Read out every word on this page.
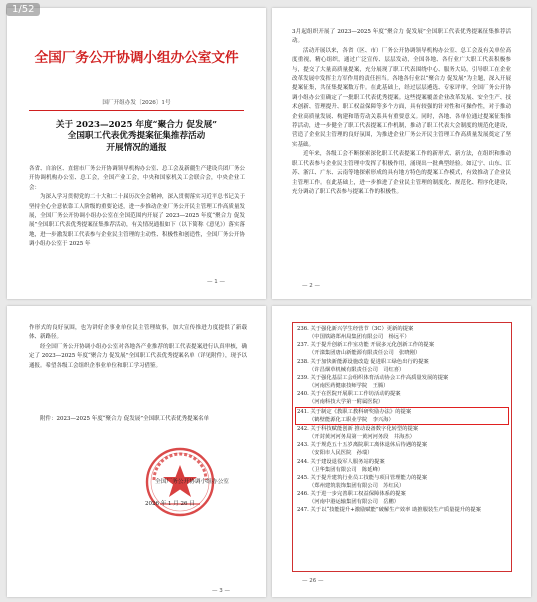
1/52
全国厂务公开协调小组办公室文件
国厂开组办发〔2026〕1号
关于 2023—2025 年度“聚合力 促发展”
全国职工代表优秀提案征集推荐活动
开展情况的通报

各省、自治区、直辖市厂务公开协调领导机构办公室、总工会及新疆生产建设兵团厂务公开协调机构办公室、总工会，全国产业工会，中央和国家机关工会联合会，中央企业工会：

为深入学习贯彻党的二十大和二十届历次全会精神，深入贯彻落实习近平总书记关于坚持全心全意依靠工人阶级的重要论述，进一步推动企业厂务公开民主管理工作高质量发展，全国厂务公开协调小组办公室在全国范围内开展了 2023—2025 年度“聚合力 促发展”全国职工代表优秀提案征集推荐活动，有关情况通报如下（以下简称《意见》）落实落地，进一步激发职工代表参与企业民主管理的主动性、积极性和创造性，全国厂务公开协调小组办公室于 2025 年

— 1 —

3月起组织开展了 2023—2025 年度“聚合力 促发展”全国职工代表优秀提案征集推荐活动。

活动开展以来，各省（区、市）厂务公开协调领导机构办公室、总工会及有关单位高度重视，精心组织，通过广泛宣传、层层发动，全国各地、各行业广大职工代表积极参与，提交了大量高质量提案，充分展现了职工代表围绕中心、服务大局，引导职工在企业改革发展中发挥主力军作用的责任担当。各地各行业以“聚合力 促发展”为主题，深入开展提案征集，共征集提案数万件。在此基础上，经过层层遴选、专家评审，全国厂务公开协调小组办公室确定了一批职工代表优秀提案。这些提案覆盖企业改革发展、安全生产、技术创新、管理提升、职工权益保障等多个方面，具有较强的针对性和可操作性，对于推动企业高质量发展、构建和谐劳动关系具有重要意义。同时，各地、各单位通过提案征集推荐活动，进一步健全了职工代表提案工作机制，推动了职工代表大会制度的规范化建设，营造了企业民主管理的良好氛围，为推进企业厂务公开民主管理工作高质量发展奠定了坚实基础。

近年来，各级工会不断探索深化职工代表提案工作的新形式、新方法，在组织和推动职工代表参与企业民主管理中发挥了积极作用，涌现出一批典型经验。如辽宁、山东、江苏、浙江、广东、云南等地探索形成的具有地方特色的提案工作模式，有效推动了企业民主管理工作。在此基础上，进一步推进了企业民主管理的制度化、规范化、程序化建设，充分调动了职工代表参与提案工作的积极性。

— 2 —

作形式的良好氛围，也为讲好企事业单位民主管理故事，加大宣传推进力度提供了新载体、新路径。

经全国厂务公开协调小组办公室对各地各产业推荐的职工代表提案进行认真审核，确定了 2023—2025 年度“聚合力 促发展”全国职工代表优秀提案名单（详见附件），现予以通报。希望各级工会组织企事业单位和职工学习借鉴。

附件：2023—2025 年度“聚合力 促发展”全国职工代表优秀提案名单

全国厂务公开协调小组办公室
2026 年 1 月 26 日
— 3 —
236. 关于强化新兴学生经营节（3C）更新的提案
（中国铁路郑州局集团有限公司　杨远平）
237. 关于提升创新工作室功能 开展多元化创新工作的提案
（开滦集团唐山新能源有限责任公司　张晓刚）
238. 关于加快新能源设施改造 促进职工绿色出行的提案
（许昌烟草机械有限责任公司　司红喜）
239. 关于强化基层工会组织体育活动协会工作高质量发展的提案
（河南医药健康技师学院　王腾）
240. 关于在医院开展职工工作坊活动的提案
（河南科技大学第一附属医院）
241. 关于制定《教职工教科研奖励办法》的提案
（鹤壁能源化工职业学院　李兴海）
242. 关于科技赋能创新 推动设备数字化转型的提案
（开封黄河河务局第一黄河河务段　井海杰）
243. 关于规范五十五岁离院职工离休退休后待遇的提案
（安阳市人民医院　孙瑞）
244. 关于建设退役军人服务站的提案
（卫华集团有限公司　陈延峰）
245. 关于提升建筑行业员工技能与项目管理能力的提案
（郑州建筑装饰集团有限公司　苏红民）
246. 关于进一步完善职工权益保障体系的提案
（河南中港运输集团有限公司　岳鹏）
247. 关于以“技能提升+激励赋能”破解生产效率 助推服装生产质量提升的提案
— 26 —
